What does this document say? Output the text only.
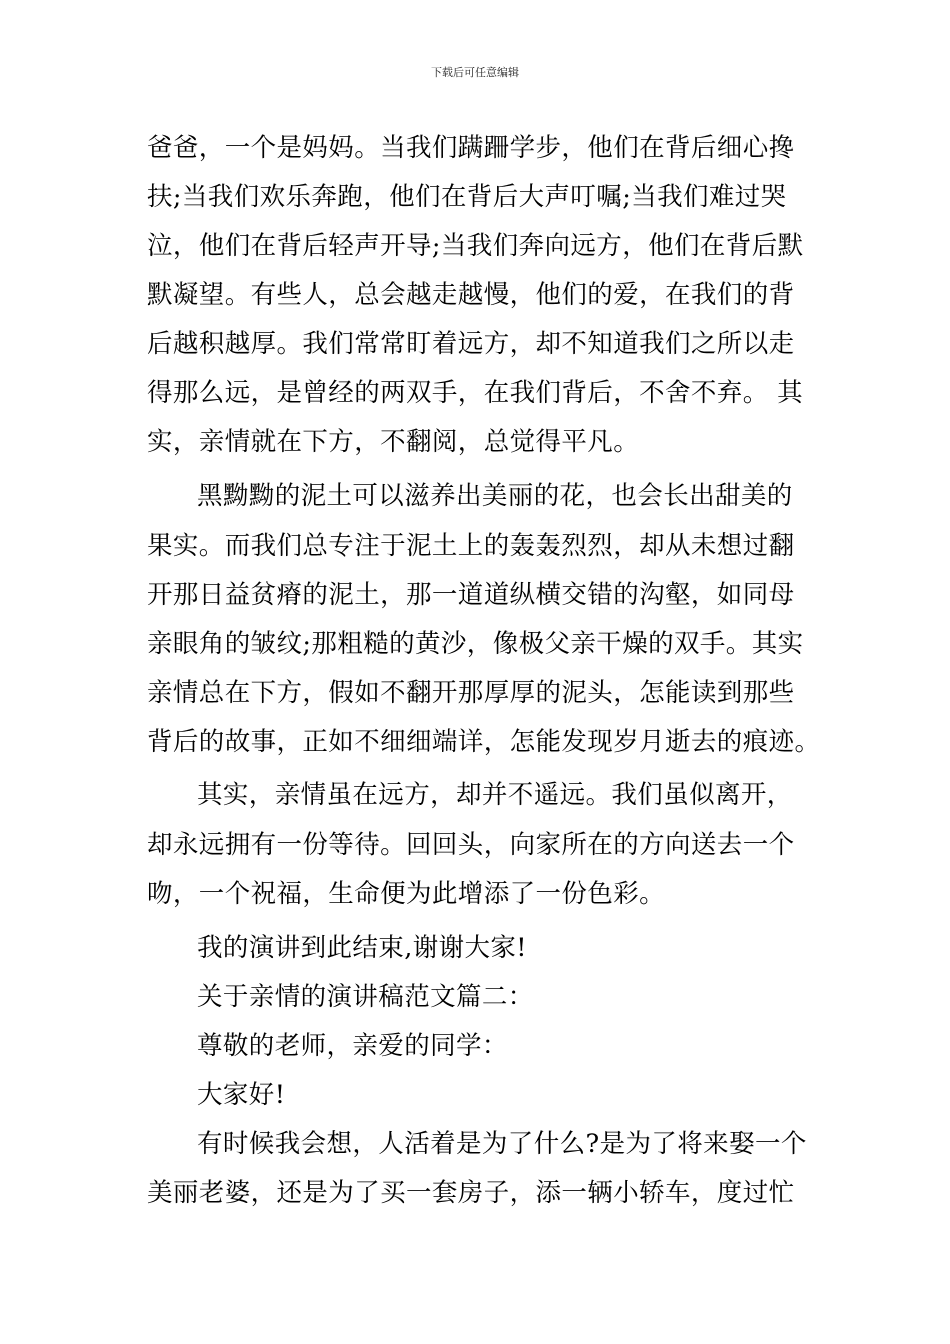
下载后可任意编辑
爸爸，一个是妈妈。当我们蹒跚学步，他们在背后细心搀
扶;当我们欢乐奔跑，他们在背后大声叮嘱;当我们难过哭
泣，他们在背后轻声开导;当我们奔向远方，他们在背后默
默凝望。有些人，总会越走越慢，他们的爱，在我们的背
后越积越厚。我们常常盯着远方，却不知道我们之所以走
得那么远，是曾经的两双手，在我们背后，不舍不弃。 其
实，亲情就在下方，不翻阅，总觉得平凡。
黑黝黝的泥土可以滋养出美丽的花，也会长出甜美的
果实。而我们总专注于泥土上的轰轰烈烈，却从未想过翻
开那日益贫瘠的泥土，那一道道纵横交错的沟壑，如同母
亲眼角的皱纹;那粗糙的黄沙，像极父亲干燥的双手。其实
亲情总在下方，假如不翻开那厚厚的泥头，怎能读到那些
背后的故事，正如不细细端详，怎能发现岁月逝去的痕迹。
其实，亲情虽在远方，却并不遥远。我们虽似离开，
却永远拥有一份等待。回回头，向家所在的方向送去一个
吻，一个祝福，生命便为此增添了一份色彩。
我的演讲到此结束,谢谢大家!
关于亲情的演讲稿范文篇二：
尊敬的老师，亲爱的同学：
大家好!
有时候我会想，人活着是为了什么?是为了将来娶一个
美丽老婆，还是为了买一套房子，添一辆小轿车，度过忙
